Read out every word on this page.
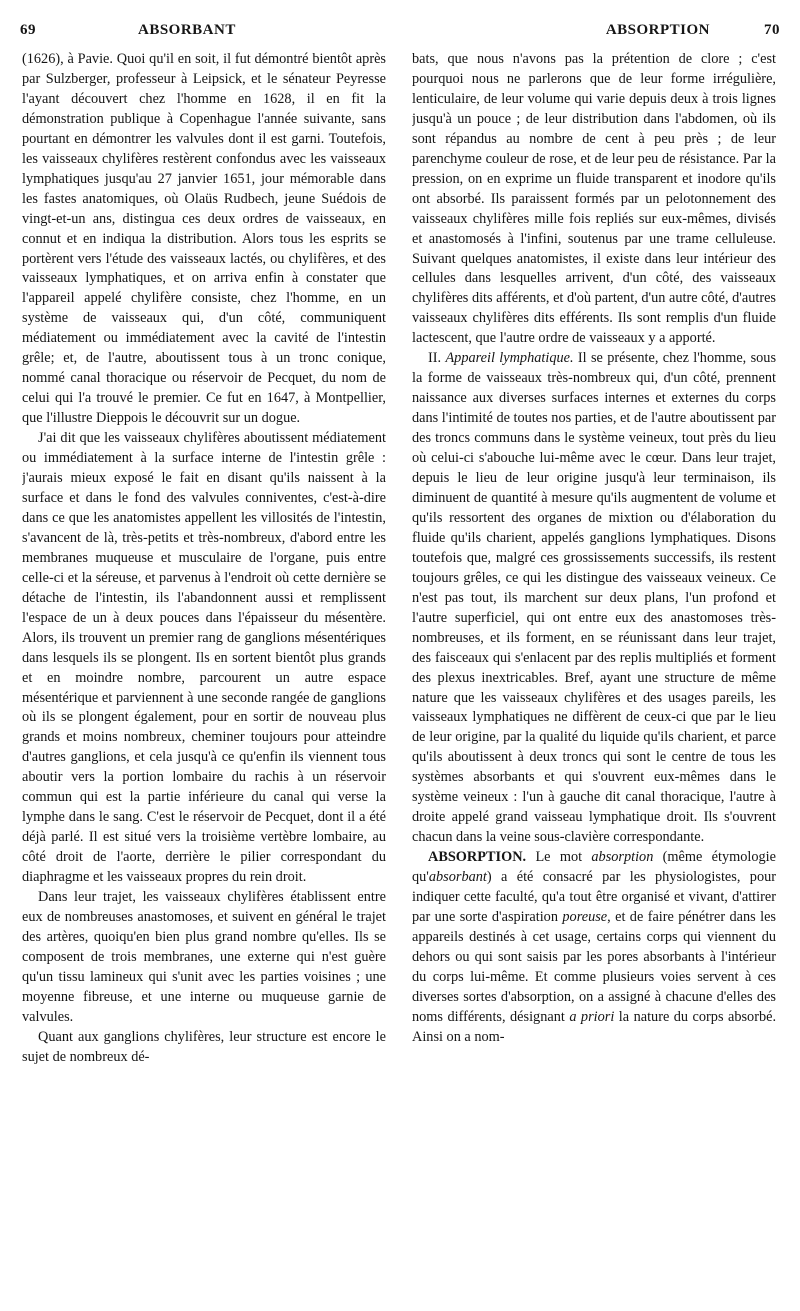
69	ABSORBANT	ABSORPTION	70

(1626), à Pavie. Quoi qu'il en soit, il fut démontré bientôt après par Sulzberger, professeur à Leipsick, et le sénateur Peyresse l'ayant découvert chez l'homme en 1628, il en fit la démonstration publique à Copenhague l'année suivante, sans pourtant en démontrer les valvules dont il est garni. Toutefois, les vaisseaux chylifères restèrent confondus avec les vaisseaux lymphatiques jusqu'au 27 janvier 1651, jour mémorable dans les fastes anatomiques, où Olaüs Rudbech, jeune Suédois de vingt-et-un ans, distingua ces deux ordres de vaisseaux, en connut et en indiqua la distribution. Alors tous les esprits se portèrent vers l'étude des vaisseaux lactés, ou chylifères, et des vaisseaux lymphatiques, et on arriva enfin à constater que l'appareil appelé chylifère consiste, chez l'homme, en un système de vaisseaux qui, d'un côté, communiquent médiatement ou immédiatement avec la cavité de l'intestin grêle; et, de l'autre, aboutissent tous à un tronc conique, nommé canal thoracique ou réservoir de Pecquet, du nom de celui qui l'a trouvé le premier. Ce fut en 1647, à Montpellier, que l'illustre Dieppois le découvrit sur un dogue.

J'ai dit que les vaisseaux chylifères aboutissent médiatement ou immédiatement à la surface interne de l'intestin grêle : j'aurais mieux exposé le fait en disant qu'ils naissent à la surface et dans le fond des valvules conniventes, c'est-à-dire dans ce que les anatomistes appellent les villosités de l'intestin, s'avancent de là, très-petits et très-nombreux, d'abord entre les membranes muqueuse et musculaire de l'organe, puis entre celle-ci et la séreuse, et parvenus à l'endroit où cette dernière se détache de l'intestin, ils l'abandonnent aussi et remplissent l'espace de un à deux pouces dans l'épaisseur du mésentère. Alors, ils trouvent un premier rang de ganglions mésentériques dans lesquels ils se plongent. Ils en sortent bientôt plus grands et en moindre nombre, parcourent un autre espace mésentérique et parviennent à une seconde rangée de ganglions où ils se plongent également, pour en sortir de nouveau plus grands et moins nombreux, cheminer toujours pour atteindre d'autres ganglions, et cela jusqu'à ce qu'enfin ils viennent tous aboutir vers la portion lombaire du rachis à un réservoir commun qui est la partie inférieure du canal qui verse la lymphe dans le sang. C'est le réservoir de Pecquet, dont il a été déjà parlé. Il est situé vers la troisième vertèbre lombaire, au côté droit de l'aorte, derrière le pilier correspondant du diaphragme et les vaisseaux propres du rein droit.

Dans leur trajet, les vaisseaux chylifères établissent entre eux de nombreuses anastomoses, et suivent en général le trajet des artères, quoiqu'en bien plus grand nombre qu'elles. Ils se composent de trois membranes, une externe qui n'est guère qu'un tissu lamineux qui s'unit avec les parties voisines ; une moyenne fibreuse, et une interne ou muqueuse garnie de valvules.

Quant aux ganglions chylifères, leur structure est encore le sujet de nombreux dé-

bats, que nous n'avons pas la prétention de clore ; c'est pourquoi nous ne parlerons que de leur forme irrégulière, lenticulaire, de leur volume qui varie depuis deux à trois lignes jusqu'à un pouce ; de leur distribution dans l'abdomen, où ils sont répandus au nombre de cent à peu près ; de leur parenchyme couleur de rose, et de leur peu de résistance. Par la pression, on en exprime un fluide transparent et inodore qu'ils ont absorbé. Ils paraissent formés par un pelotonnement des vaisseaux chylifères mille fois repliés sur eux-mêmes, divisés et anastomosés à l'infini, soutenus par une trame celluleuse. Suivant quelques anatomistes, il existe dans leur intérieur des cellules dans lesquelles arrivent, d'un côté, des vaisseaux chylifères dits afférents, et d'où partent, d'un autre côté, d'autres vaisseaux chylifères dits efférents. Ils sont remplis d'un fluide lactescent, que l'autre ordre de vaisseaux y a apporté.

II. Appareil lymphatique. Il se présente, chez l'homme, sous la forme de vaisseaux très-nombreux qui, d'un côté, prennent naissance aux diverses surfaces internes et externes du corps dans l'intimité de toutes nos parties, et de l'autre aboutissent par des troncs communs dans le système veineux, tout près du lieu où celui-ci s'abouche lui-même avec le cœur. Dans leur trajet, depuis le lieu de leur origine jusqu'à leur terminaison, ils diminuent de quantité à mesure qu'ils augmentent de volume et qu'ils ressortent des organes de mixtion ou d'élaboration du fluide qu'ils charient, appelés ganglions lymphatiques. Disons toutefois que, malgré ces grossissements successifs, ils restent toujours grêles, ce qui les distingue des vaisseaux veineux. Ce n'est pas tout, ils marchent sur deux plans, l'un profond et l'autre superficiel, qui ont entre eux des anastomoses très-nombreuses, et ils forment, en se réunissant dans leur trajet, des faisceaux qui s'enlacent par des replis multipliés et forment des plexus inextricables. Bref, ayant une structure de même nature que les vaisseaux chylifères et des usages pareils, les vaisseaux lymphatiques ne diffèrent de ceux-ci que par le lieu de leur origine, par la qualité du liquide qu'ils charient, et parce qu'ils aboutissent à deux troncs qui sont le centre de tous les systèmes absorbants et qui s'ouvrent eux-mêmes dans le système veineux : l'un à gauche dit canal thoracique, l'autre à droite appelé grand vaisseau lymphatique droit. Ils s'ouvrent chacun dans la veine sous-clavière correspondante.

ABSORPTION. Le mot absorption (même étymologie qu'absorbant) a été consacré par les physiologistes, pour indiquer cette faculté, qu'a tout être organisé et vivant, d'attirer par une sorte d'aspiration poreuse, et de faire pénétrer dans les appareils destinés à cet usage, certains corps qui viennent du dehors ou qui sont saisis par les pores absorbants à l'intérieur du corps lui-même. Et comme plusieurs voies servent à ces diverses sortes d'absorption, on a assigné à chacune d'elles des noms différents, désignant a priori la nature du corps absorbé. Ainsi on a nom-
